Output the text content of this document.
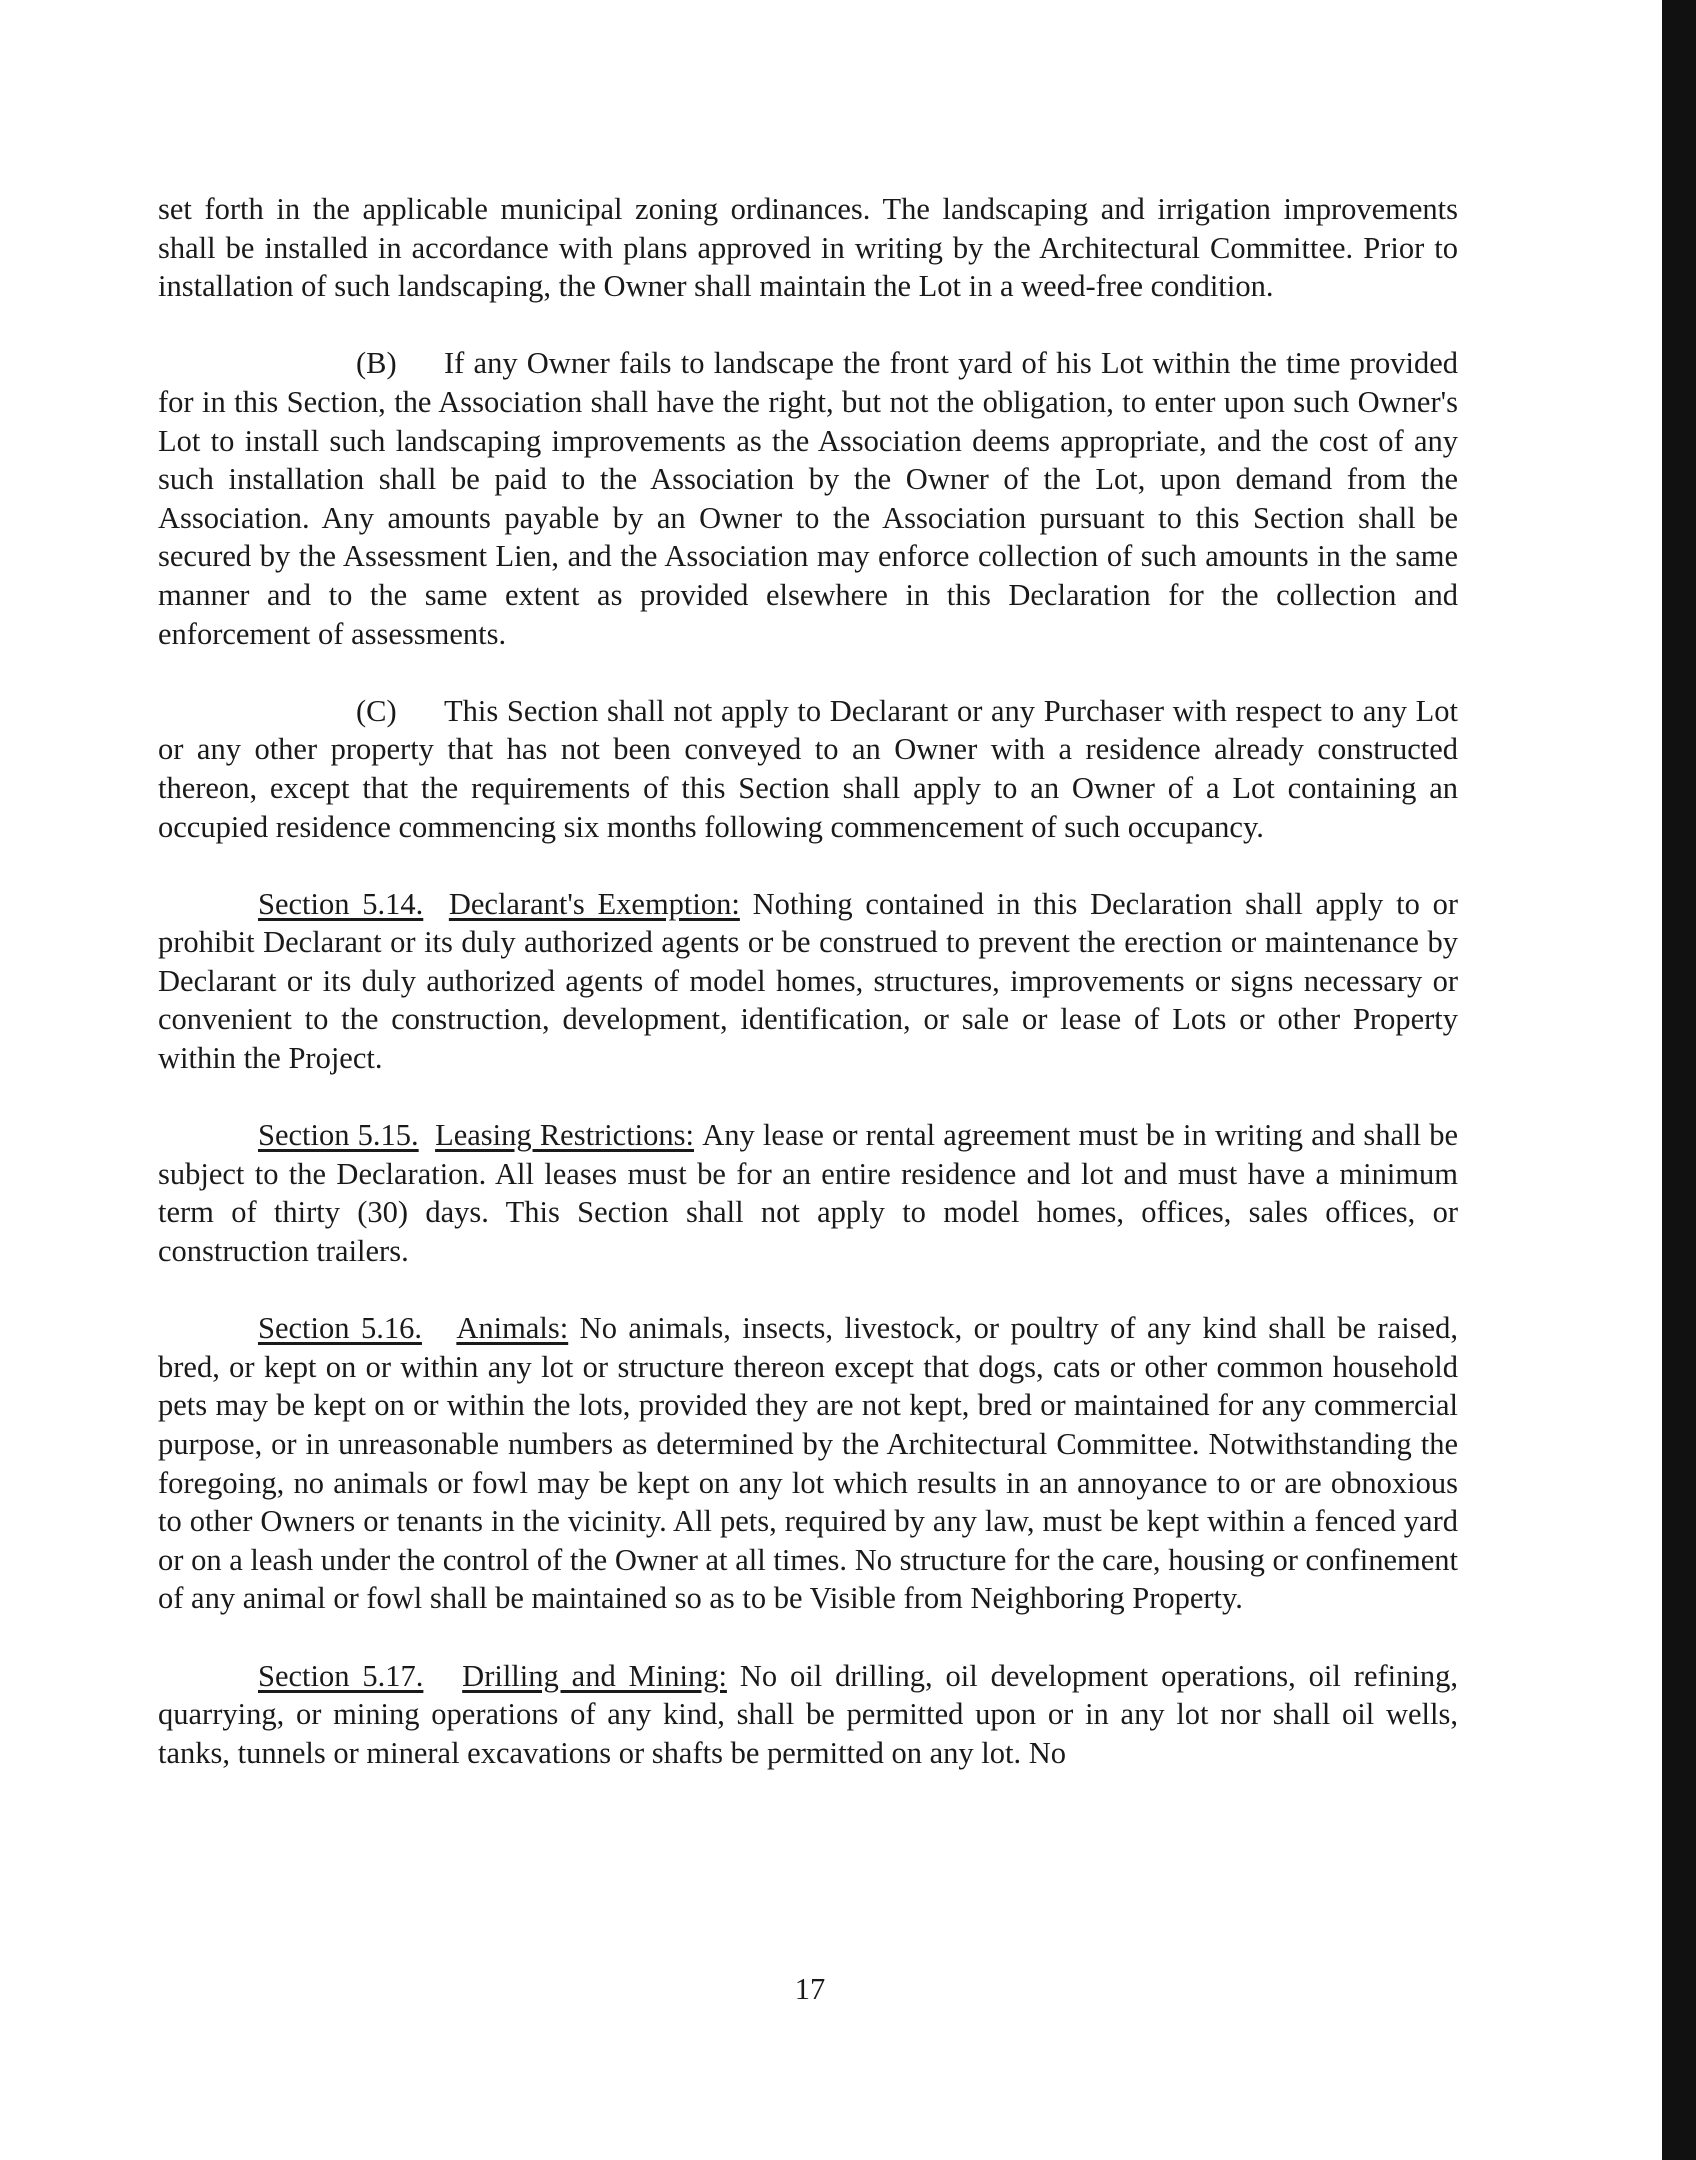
set forth in the applicable municipal zoning ordinances. The landscaping and irrigation improvements shall be installed in accordance with plans approved in writing by the Architectural Committee. Prior to installation of such landscaping, the Owner shall maintain the Lot in a weed-free condition.

(B) If any Owner fails to landscape the front yard of his Lot within the time provided for in this Section, the Association shall have the right, but not the obligation, to enter upon such Owner's Lot to install such landscaping improvements as the Association deems appropriate, and the cost of any such installation shall be paid to the Association by the Owner of the Lot, upon demand from the Association. Any amounts payable by an Owner to the Association pursuant to this Section shall be secured by the Assessment Lien, and the Association may enforce collection of such amounts in the same manner and to the same extent as provided elsewhere in this Declaration for the collection and enforcement of assessments.

(C) This Section shall not apply to Declarant or any Purchaser with respect to any Lot or any other property that has not been conveyed to an Owner with a residence already constructed thereon, except that the requirements of this Section shall apply to an Owner of a Lot containing an occupied residence commencing six months following commencement of such occupancy.

Section 5.14. Declarant's Exemption: Nothing contained in this Declaration shall apply to or prohibit Declarant or its duly authorized agents or be construed to prevent the erection or maintenance by Declarant or its duly authorized agents of model homes, structures, improvements or signs necessary or convenient to the construction, development, identification, or sale or lease of Lots or other Property within the Project.

Section 5.15. Leasing Restrictions: Any lease or rental agreement must be in writing and shall be subject to the Declaration. All leases must be for an entire residence and lot and must have a minimum term of thirty (30) days. This Section shall not apply to model homes, offices, sales offices, or construction trailers.

Section 5.16. Animals: No animals, insects, livestock, or poultry of any kind shall be raised, bred, or kept on or within any lot or structure thereon except that dogs, cats or other common household pets may be kept on or within the lots, provided they are not kept, bred or maintained for any commercial purpose, or in unreasonable numbers as determined by the Architectural Committee. Notwithstanding the foregoing, no animals or fowl may be kept on any lot which results in an annoyance to or are obnoxious to other Owners or tenants in the vicinity. All pets, required by any law, must be kept within a fenced yard or on a leash under the control of the Owner at all times. No structure for the care, housing or confinement of any animal or fowl shall be maintained so as to be Visible from Neighboring Property.

Section 5.17. Drilling and Mining: No oil drilling, oil development operations, oil refining, quarrying, or mining operations of any kind, shall be permitted upon or in any lot nor shall oil wells, tanks, tunnels or mineral excavations or shafts be permitted on any lot. No

17
